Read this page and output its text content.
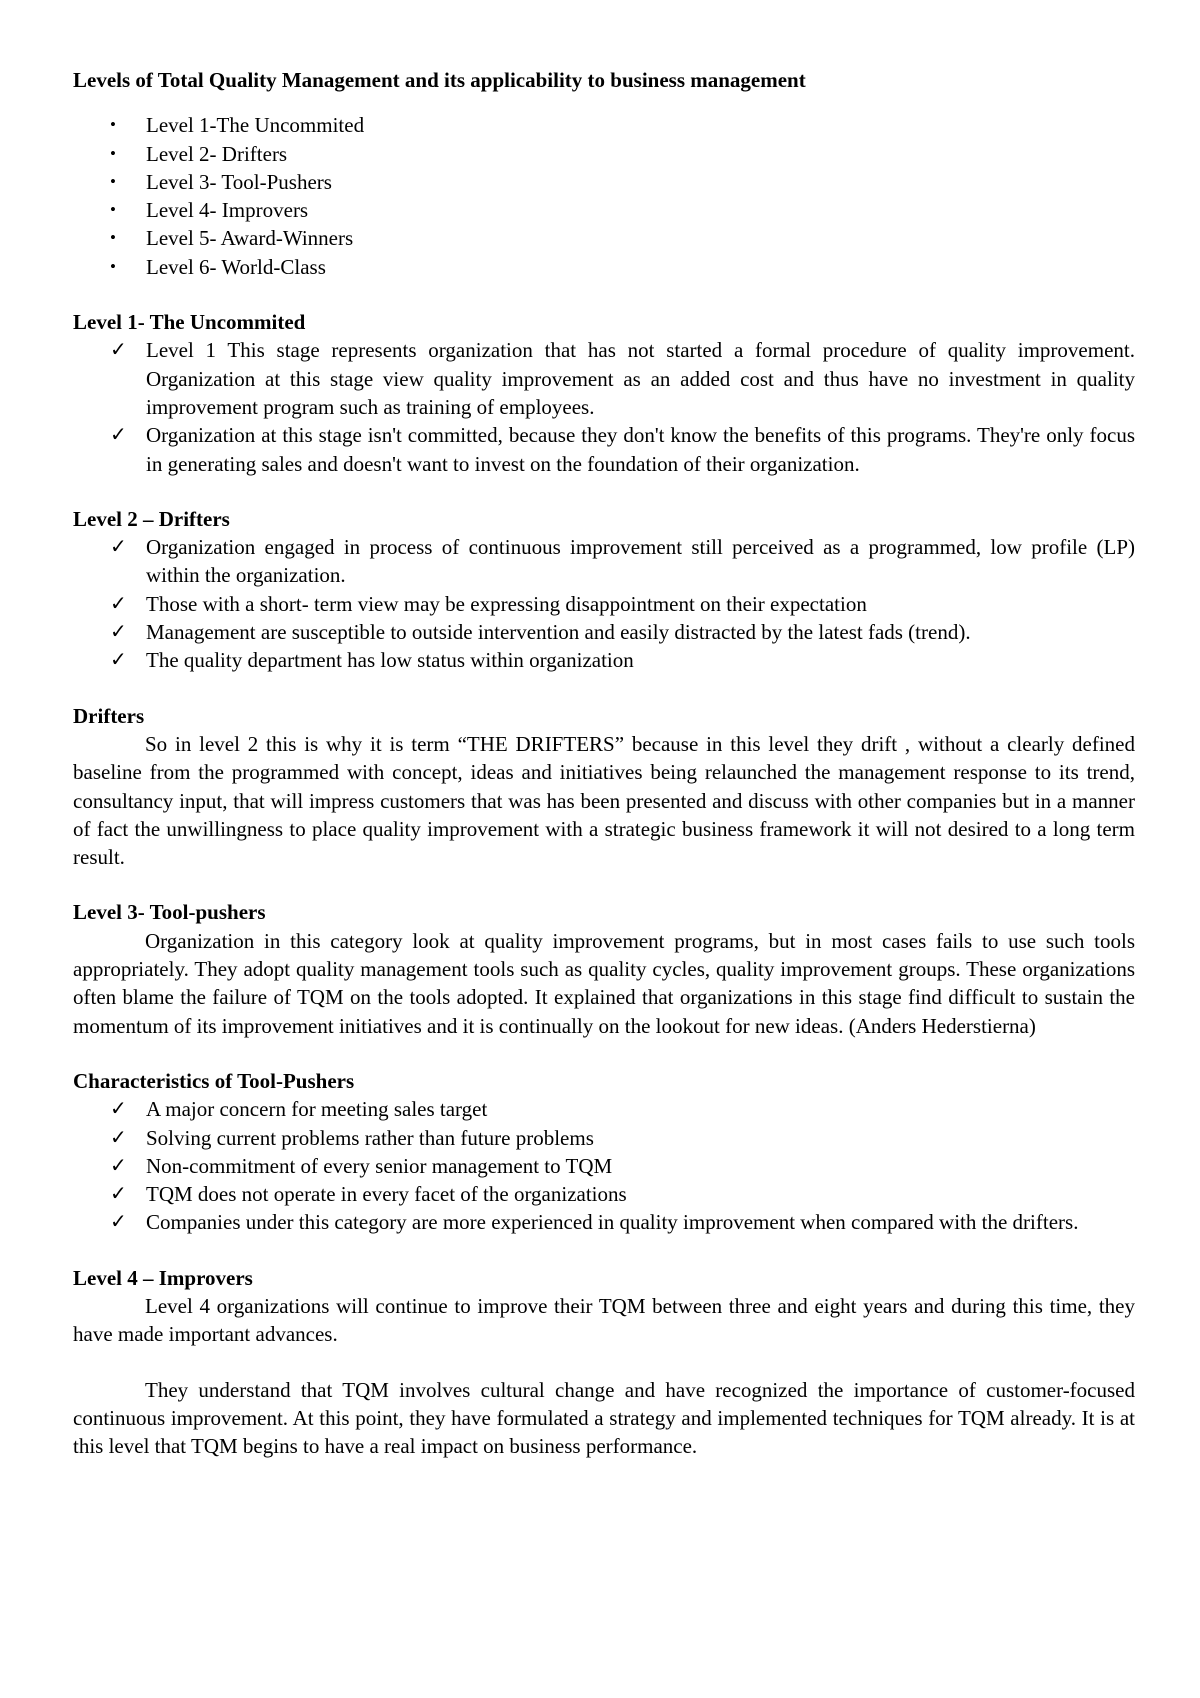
Levels of Total Quality Management and its applicability to business management
• Level 1-The Uncommited
• Level 2- Drifters
• Level 3- Tool-Pushers
• Level 4- Improvers
• Level 5- Award-Winners
• Level 6- World-Class
Level 1- The Uncommited
✓ Level 1 This stage represents organization that has not started a formal procedure of quality improvement. Organization at this stage view quality improvement as an added cost and thus have no investment in quality improvement program such as training of employees.
✓ Organization at this stage isn't committed, because they don't know the benefits of this programs. They're only focus in generating sales and doesn't want to invest on the foundation of their organization.
Level 2 – Drifters
✓ Organization engaged in process of continuous improvement still perceived as a programmed, low profile (LP) within the organization.
✓ Those with a short- term view may be expressing disappointment on their expectation
✓ Management are susceptible to outside intervention and easily distracted by the latest fads (trend).
✓ The quality department has low status within organization
Drifters

So in level 2 this is why it is term “THE DRIFTERS” because in this level they drift , without a clearly defined baseline from the programmed with concept, ideas and initiatives being relaunched the management response to its trend, consultancy input, that will impress customers that was has been presented and discuss with other companies but in a manner of fact the unwillingness to place quality improvement with a strategic business framework it will not desired to a long term result.

Level 3- Tool-pushers

Organization in this category look at quality improvement programs, but in most cases fails to use such tools appropriately. They adopt quality management tools such as quality cycles, quality improvement groups. These organizations often blame the failure of TQM on the tools adopted. It explained that organizations in this stage find difficult to sustain the momentum of its improvement initiatives and it is continually on the lookout for new ideas. (Anders Hederstierna)

Characteristics of Tool-Pushers
✓ A major concern for meeting sales target
✓ Solving current problems rather than future problems
✓ Non-commitment of every senior management to TQM
✓ TQM does not operate in every facet of the organizations
✓ Companies under this category are more experienced in quality improvement when compared with the drifters.
Level 4 – Improvers

Level 4 organizations will continue to improve their TQM between three and eight years and during this time, they have made important advances.

They understand that TQM involves cultural change and have recognized the importance of customer-focused continuous improvement. At this point, they have formulated a strategy and implemented techniques for TQM already. It is at this level that TQM begins to have a real impact on business performance.
